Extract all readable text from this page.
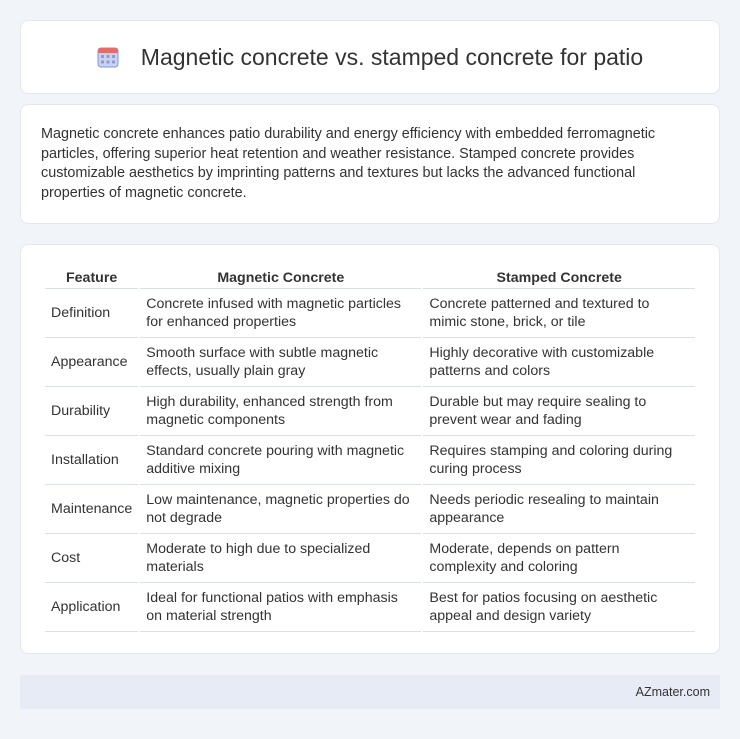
Magnetic concrete vs. stamped concrete for patio

Magnetic concrete enhances patio durability and energy efficiency with embedded ferromagnetic particles, offering superior heat retention and weather resistance. Stamped concrete provides customizable aesthetics by imprinting patterns and textures but lacks the advanced functional properties of magnetic concrete.

Feature	Magnetic Concrete	Stamped Concrete
Definition	Concrete infused with magnetic particles for enhanced properties	Concrete patterned and textured to mimic stone, brick, or tile
Appearance	Smooth surface with subtle magnetic effects, usually plain gray	Highly decorative with customizable patterns and colors
Durability	High durability, enhanced strength from magnetic components	Durable but may require sealing to prevent wear and fading
Installation	Standard concrete pouring with magnetic additive mixing	Requires stamping and coloring during curing process
Maintenance	Low maintenance, magnetic properties do not degrade	Needs periodic resealing to maintain appearance
Cost	Moderate to high due to specialized materials	Moderate, depends on pattern complexity and coloring
Application	Ideal for functional patios with emphasis on material strength	Best for patios focusing on aesthetic appeal and design variety
AZmater.com
